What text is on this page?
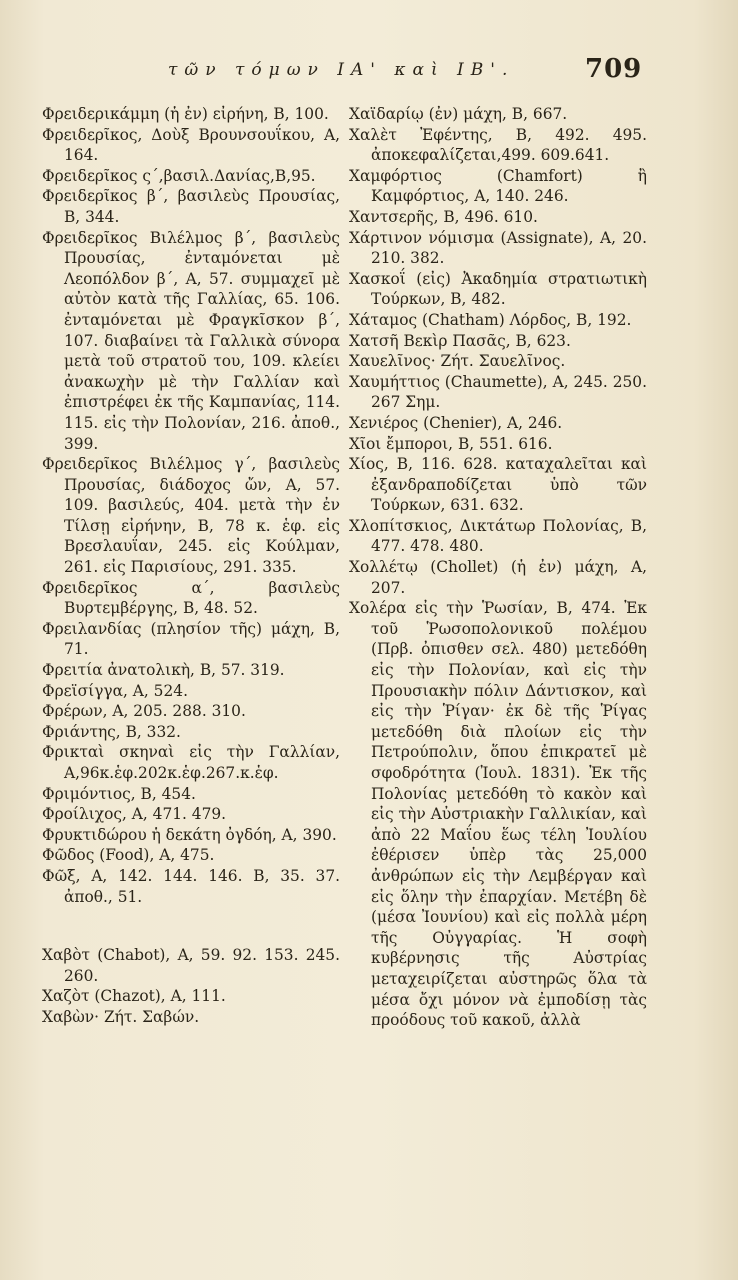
τῶν τόμων ΙΑ' καὶ ΙΒ'.	709

Φρειδερικάμμη (ἡ ἐν) εἰρήνη, Β, 100.

Φρειδερῖκος, Δοὺξ Βρουνσουΐκου, Α, 164.

Φρειδερῖκος ς΄,βασιλ.Δανίας,Β,95.

Φρειδερῖκος β΄, βασιλεὺς Προυσίας, Β, 344.

Φρειδερῖκος Βιλέλμος β΄, βασιλεὺς Προυσίας, ἐνταμόνεται μὲ Λεοπόλδον β΄, Α, 57. συμμαχεῖ μὲ αὐτὸν κατὰ τῆς Γαλλίας, 65. 106. ἐνταμόνεται μὲ Φραγκῖσκον β΄, 107. διαβαίνει τὰ Γαλλικὰ σύνορα μετὰ τοῦ στρατοῦ του, 109. κλείει ἀνακωχὴν μὲ τὴν Γαλλίαν καὶ ἐπιστρέφει ἐκ τῆς Καμπανίας, 114. 115. εἰς τὴν Πολονίαν, 216. ἀποθ., 399.

Φρειδερῖκος Βιλέλμος γ΄, βασιλεὺς Προυσίας, διάδοχος ὤν, Α, 57. 109. βασιλεύς, 404. μετὰ τὴν ἐν Τίλσῃ εἰρήνην, Β, 78 κ. ἑφ. εἰς Βρεσλαυΐαν, 245. εἰς Κούλμαν, 261. εἰς Παρισίους, 291. 335.

Φρειδερῖκος α΄, βασιλεὺς Βυρτεμβέργης, Β, 48. 52.

Φρειλανδίας (πλησίον τῆς) μάχη, Β, 71.

Φρειτία ἀνατολικὴ, Β, 57. 319.

Φρεϊσίγγα, Α, 524.

Φρέρων, Α, 205. 288. 310.

Φριάντης, Β, 332.

Φρικταὶ σκηναὶ εἰς τὴν Γαλλίαν, Α,96κ.ἑφ.202κ.ἑφ.267.κ.ἑφ.

Φριμόντιος, Β, 454.

Φροίλιχος, Α, 471. 479.

Φρυκτιδώρου ἡ δεκάτη ὀγδόη, Α, 390.

Φῶδος (Food), Α, 475.

Φῶξ, Α, 142. 144. 146. Β, 35. 37. ἀποθ., 51.

Χαβὸτ (Chabot), Α, 59. 92. 153. 245. 260.

Χαζὸτ (Chazot), Α, 111.

Χαβὼν· Ζήτ. Σαβών.

Χαϊδαρίῳ (ἐν) μάχη, Β, 667.

Χαλὲτ Ἐφέντης, Β, 492. 495. ἀποκεφαλίζεται,499. 609.641.

Χαμφόρτιος (Chamfort) ἢ Καμφόρτιος, Α, 140. 246.

Χαντσερῆς, Β, 496. 610.

Χάρτινον νόμισμα (Assignate), Α, 20. 210. 382.

Χασκοΐ (εἰς) Ἀκαδημία στρατιωτικὴ Τούρκων, Β, 482.

Χάταμος (Chatham) Λόρδος, Β, 192.

Χατσῆ Βεκὶρ Πασᾶς, Β, 623.

Χαυελῖνος· Ζήτ. Σαυελῖνος.

Χαυμήττιος (Chaumette), Α, 245. 250. 267 Σημ.

Χενιέρος (Chenier), Α, 246.

Χῖοι ἔμποροι, Β, 551. 616.

Χίος, Β, 116. 628. καταχαλεῖται καὶ ἐξανδραποδίζεται ὑπὸ τῶν Τούρκων, 631. 632.

Χλοπίτσκιος, Δικτάτωρ Πολονίας, Β, 477. 478. 480.

Χολλέτῳ (Chollet) (ἡ ἐν) μάχη, Α, 207.

Χολέρα εἰς τὴν Ῥωσίαν, Β, 474. Ἐκ τοῦ Ῥωσοπολονικοῦ πολέμου (Πρβ. ὀπισθεν σελ. 480) μετεδόθη εἰς τὴν Πολονίαν, καὶ εἰς τὴν Προυσιακὴν πόλιν Δάντισκον, καὶ εἰς τὴν Ῥίγαν· ἐκ δὲ τῆς Ῥίγας μετεδόθη διὰ πλοίων εἰς τὴν Πετρούπολιν, ὅπου ἐπικρατεῖ μὲ σφοδρότητα (Ἰουλ. 1831). Ἐκ τῆς Πολονίας μετεδόθη τὸ κακὸν καὶ εἰς τὴν Αὐστριακὴν Γαλλικίαν, καὶ ἀπὸ 22 Μαΐου ἕως τέλη Ἰουλίου ἐθέρισεν ὑπὲρ τὰς 25,000 ἀνθρώπων εἰς τὴν Λεμβέργαν καὶ εἰς ὅλην τὴν ἐπαρχίαν. Μετέβη δὲ (μέσα Ἰουνίου) καὶ εἰς πολλὰ μέρη τῆς Οὐγγαρίας. Ἡ σοφὴ κυβέρνησις τῆς Αὐστρίας μεταχειρίζεται αὐστηρῶς ὅλα τὰ μέσα ὄχι μόνον νὰ ἐμποδίσῃ τὰς προόδους τοῦ κακοῦ, ἀλλὰ
